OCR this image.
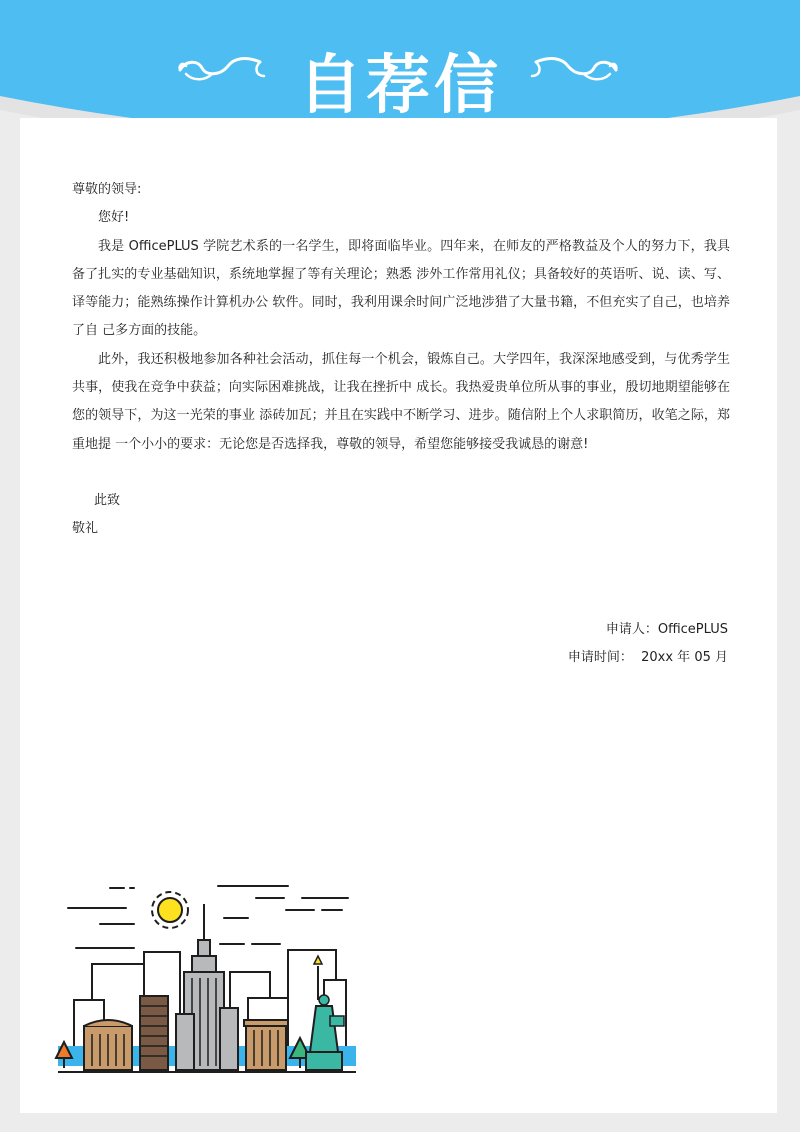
自荐信

尊敬的领导:

您好!

我是 OfficePLUS 学院艺术系的一名学生，即将面临毕业。四年来，在师友的严格教益及个人的努力下，我具备了扎实的专业基础知识，系统地掌握了等有关理论；熟悉 涉外工作常用礼仪；具备较好的英语听、说、读、写、译等能力；能熟练操作计算机办公 软件。同时，我利用课余时间广泛地涉猎了大量书籍，不但充实了自己，也培养了自 己多方面的技能。

此外，我还积极地参加各种社会活动，抓住每一个机会，锻炼自己。大学四年，我深深地感受到，与优秀学生共事，使我在竞争中获益；向实际困难挑战，让我在挫折中 成长。我热爱贵单位所从事的事业，殷切地期望能够在您的领导下，为这一光荣的事业 添砖加瓦；并且在实践中不断学习、进步。随信附上个人求职简历，收笔之际，郑重地提 一个小小的要求：无论您是否选择我，尊敬的领导，希望您能够接受我诚恳的谢意!

此致

敬礼

申请人：OfficePLUS
申请时间： 20xx 年 05 月
